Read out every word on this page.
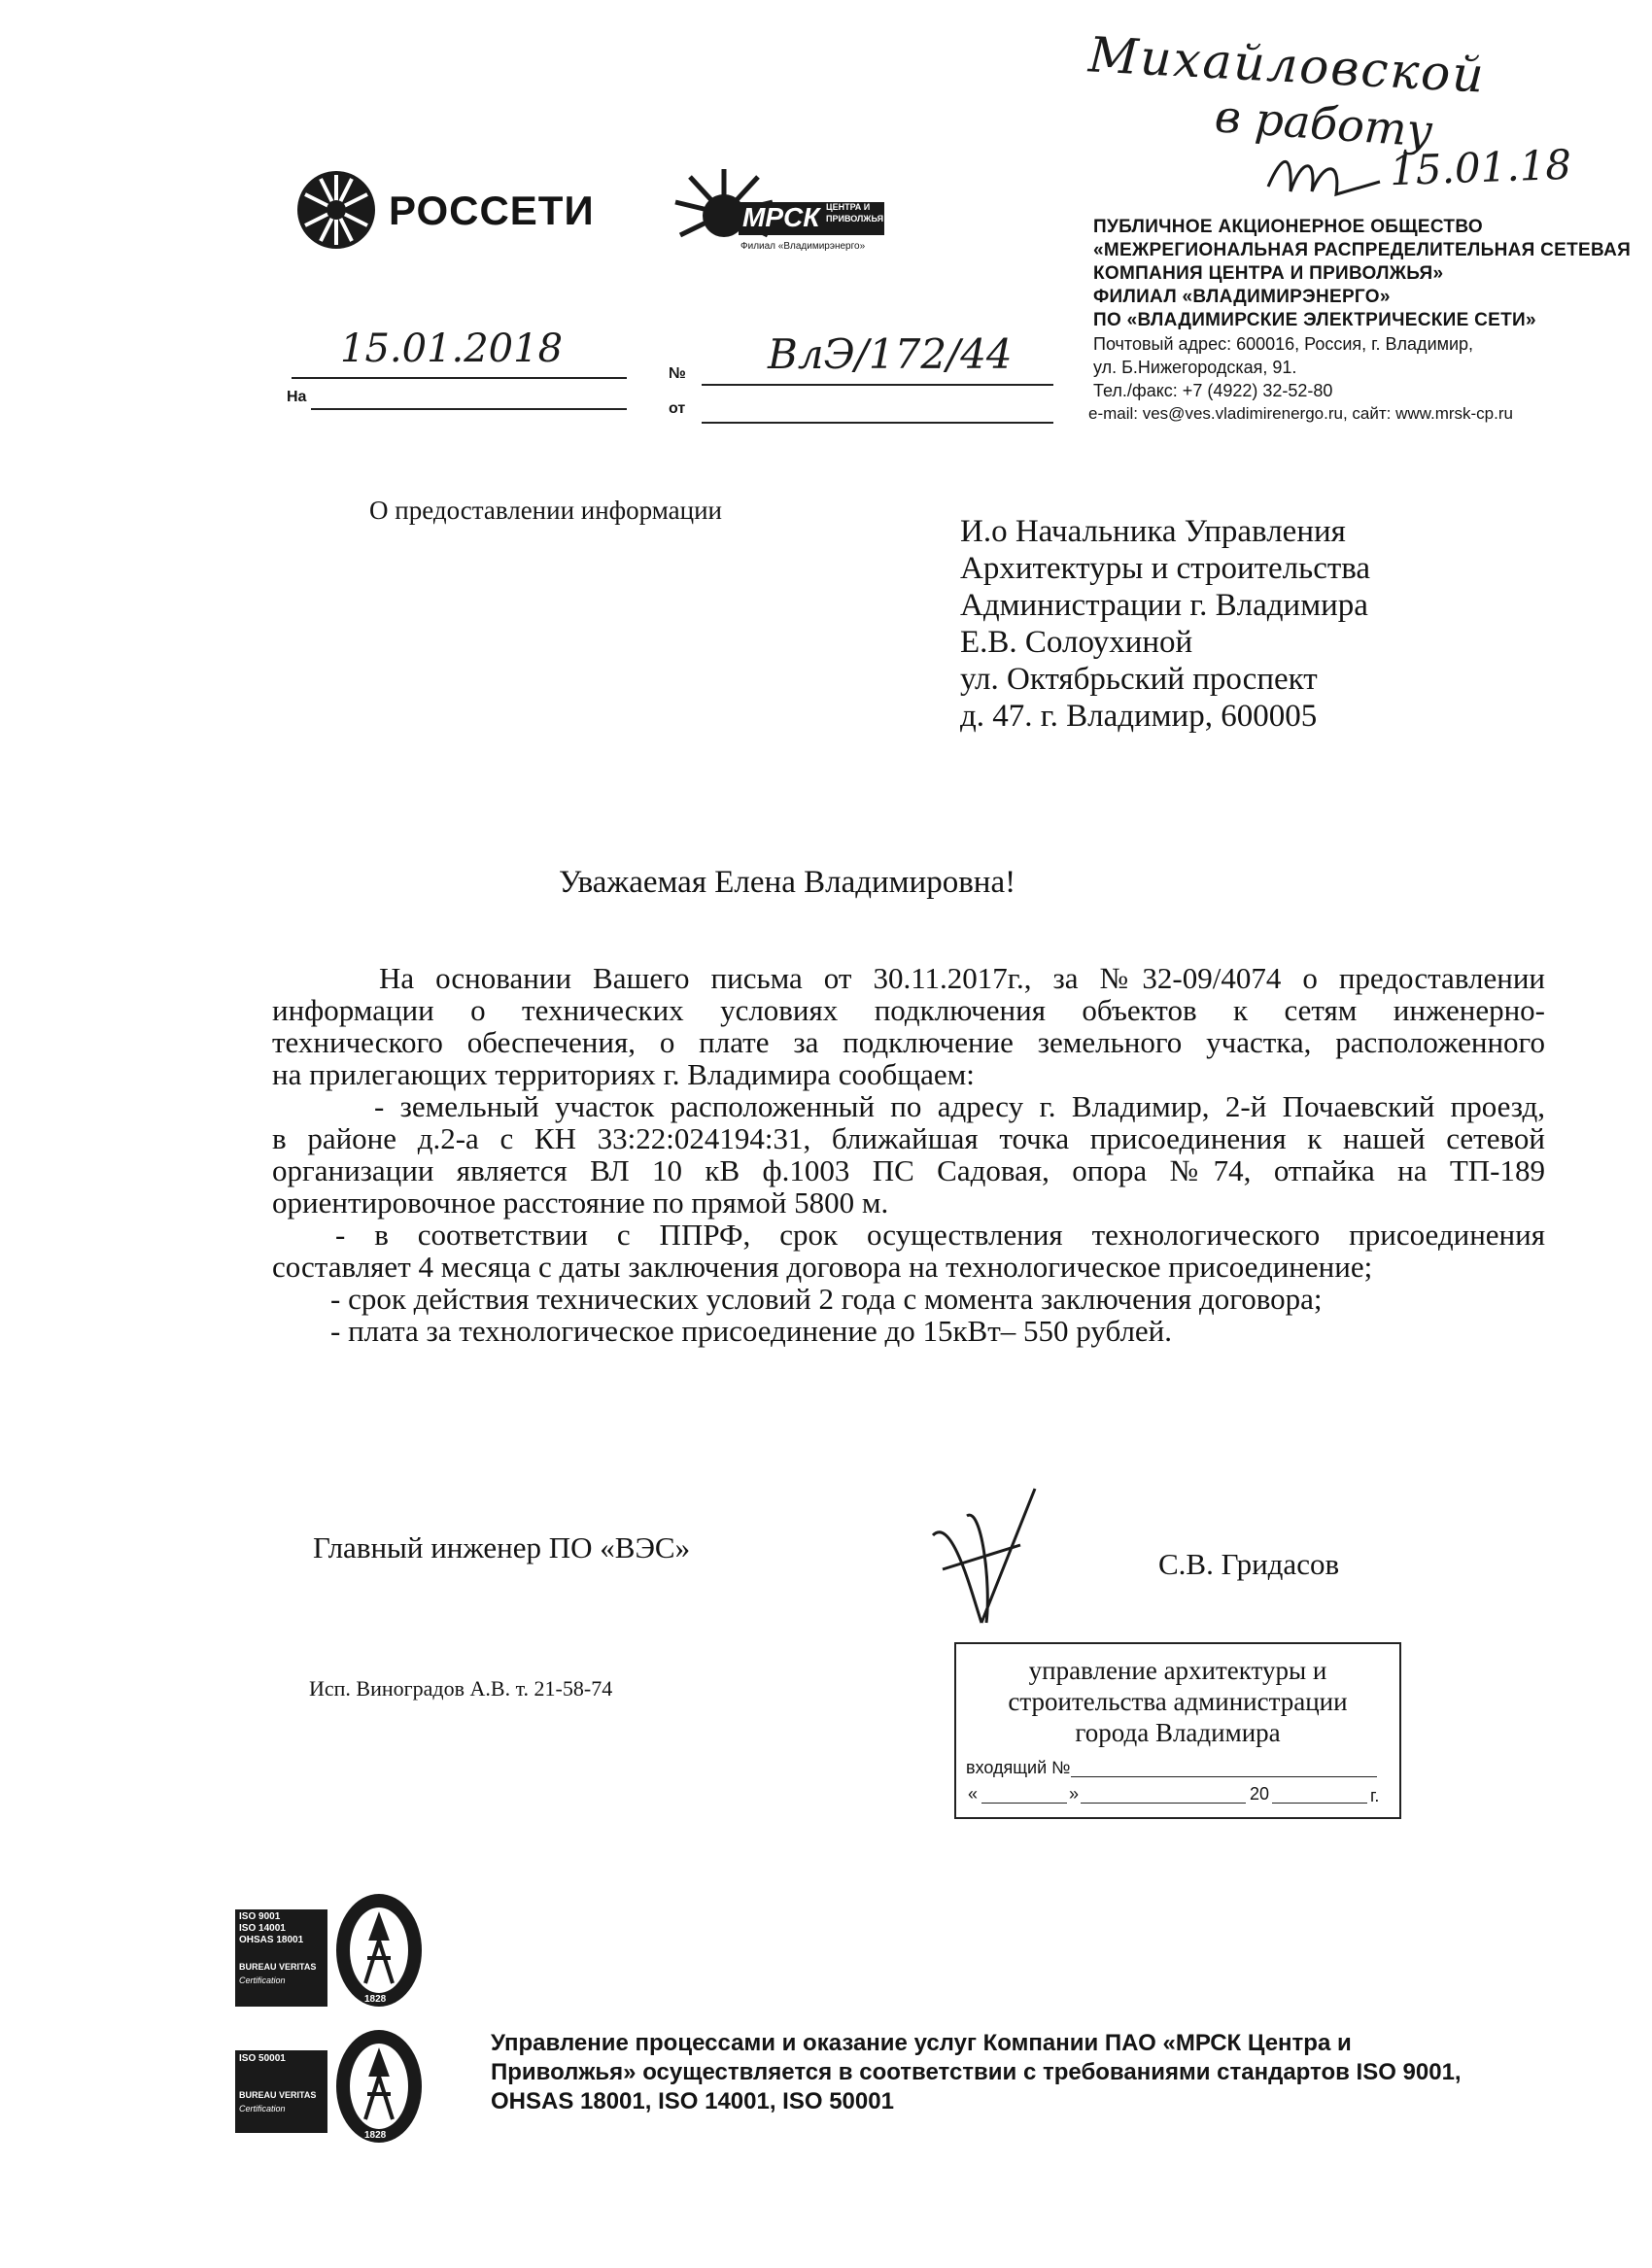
Михайловской
в работу
15.01.18
РОССЕТИ	МРСК ЦЕНТРА И
ПРИВОЛЖЬЯ
Филиал «Владимирэнерго»
ПУБЛИЧНОЕ АКЦИОНЕРНОЕ ОБЩЕСТВО
«МЕЖРЕГИОНАЛЬНАЯ РАСПРЕДЕЛИТЕЛЬНАЯ СЕТЕВАЯ
КОМПАНИЯ ЦЕНТРА И ПРИВОЛЖЬЯ»
ФИЛИАЛ «ВЛАДИМИРЭНЕРГО»
ПО «ВЛАДИМИРСКИЕ ЭЛЕКТРИЧЕСКИЕ СЕТИ»
Почтовый адрес: 600016, Россия, г. Владимир,
ул. Б.Нижегородская, 91.
Тел./факс: +7 (4922) 32-52-80
e-mail: ves@ves.vladimirenergo.ru, сайт: www.mrsk-cp.ru
15.01.2018
№ ВлЭ/172/44
На
от
О предоставлении информации
И.о Начальника Управления
Архитектуры и строительства
Администрации г. Владимира
Е.В. Солоухиной
ул. Октябрьский проспект
д. 47. г. Владимир, 600005
Уважаемая Елена Владимировна!
На основании Вашего письма от 30.11.2017г., за №32-09/4074 о предоставлении
информации о технических условиях подключения объектов к сетям инженерно-
технического обеспечения, о плате за подключение земельного участка, расположенного
на прилегающих территориях г. Владимира сообщаем:
- земельный участок расположенный по адресу г. Владимир, 2-й Почаевский проезд,
в районе д.2-а с КН 33:22:024194:31, ближайшая точка присоединения к нашей сетевой
организации является ВЛ 10 кВ ф.1003 ПС Садовая, опора №74, отпайка на ТП-189
ориентировочное расстояние по прямой 5800 м.
- в соответствии с ППРФ, срок осуществления технологического присоединения
составляет 4 месяца с даты заключения договора на технологическое присоединение;
- срок действия технических условий 2 года с момента заключения договора;
- плата за технологическое присоединение до 15кВт– 550 рублей.
Главный инженер ПО «ВЭС»	С.В. Гридасов
Исп. Виноградов А.В. т. 21-58-74
управление архитектуры и
строительства администрации
города Владимира
входящий №
«	»	20	г.
ISO 9001
ISO 14001
OHSAS 18001
BUREAU VERITAS
Certification
1828
ISO 50001
BUREAU VERITAS
Certification
1828
Управление процессами и оказание услуг Компании ПАО «МРСК Центра и
Приволжья» осуществляется в соответствии с требованиями стандартов ISO 9001,
OHSAS 18001, ISO 14001, ISO 50001
